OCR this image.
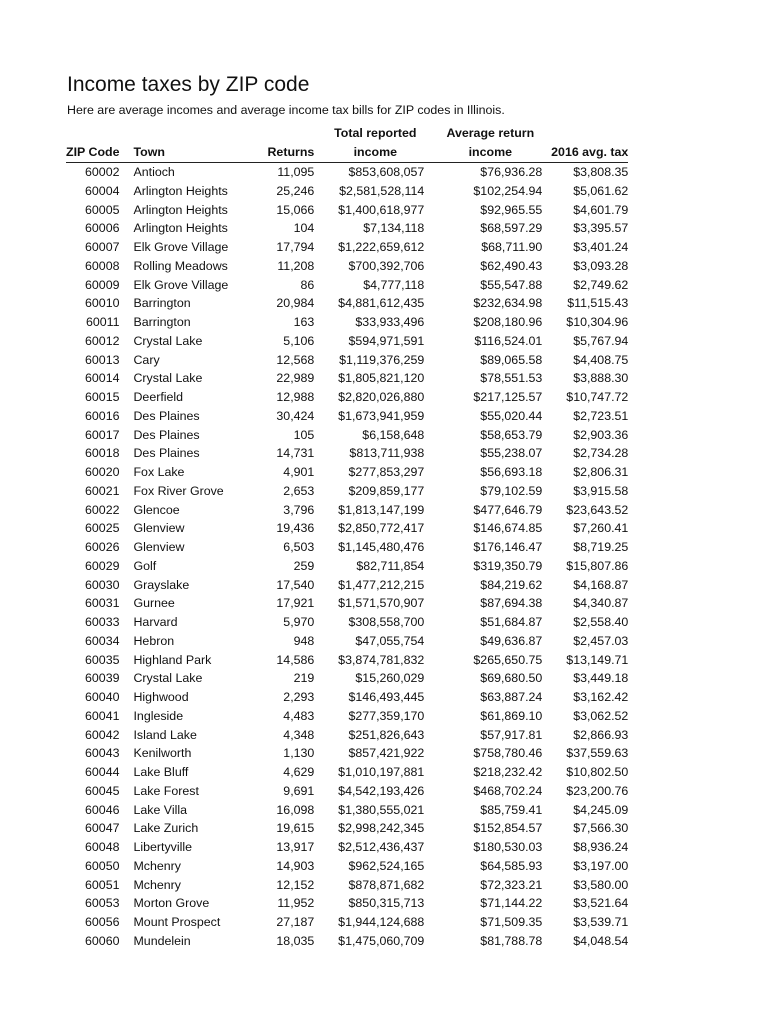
Income taxes by ZIP code

Here are average incomes and average income tax bills for ZIP codes in Illinois.

			Total reported	Average return	
ZIP Code	Town	Returns	income	income	2016 avg. tax
60002	Antioch	11,095	$853,608,057	$76,936.28	$3,808.35
60004	Arlington Heights	25,246	$2,581,528,114	$102,254.94	$5,061.62
60005	Arlington Heights	15,066	$1,400,618,977	$92,965.55	$4,601.79
60006	Arlington Heights	104	$7,134,118	$68,597.29	$3,395.57
60007	Elk Grove Village	17,794	$1,222,659,612	$68,711.90	$3,401.24
60008	Rolling Meadows	11,208	$700,392,706	$62,490.43	$3,093.28
60009	Elk Grove Village	86	$4,777,118	$55,547.88	$2,749.62
60010	Barrington	20,984	$4,881,612,435	$232,634.98	$11,515.43
60011	Barrington	163	$33,933,496	$208,180.96	$10,304.96
60012	Crystal Lake	5,106	$594,971,591	$116,524.01	$5,767.94
60013	Cary	12,568	$1,119,376,259	$89,065.58	$4,408.75
60014	Crystal Lake	22,989	$1,805,821,120	$78,551.53	$3,888.30
60015	Deerfield	12,988	$2,820,026,880	$217,125.57	$10,747.72
60016	Des Plaines	30,424	$1,673,941,959	$55,020.44	$2,723.51
60017	Des Plaines	105	$6,158,648	$58,653.79	$2,903.36
60018	Des Plaines	14,731	$813,711,938	$55,238.07	$2,734.28
60020	Fox Lake	4,901	$277,853,297	$56,693.18	$2,806.31
60021	Fox River Grove	2,653	$209,859,177	$79,102.59	$3,915.58
60022	Glencoe	3,796	$1,813,147,199	$477,646.79	$23,643.52
60025	Glenview	19,436	$2,850,772,417	$146,674.85	$7,260.41
60026	Glenview	6,503	$1,145,480,476	$176,146.47	$8,719.25
60029	Golf	259	$82,711,854	$319,350.79	$15,807.86
60030	Grayslake	17,540	$1,477,212,215	$84,219.62	$4,168.87
60031	Gurnee	17,921	$1,571,570,907	$87,694.38	$4,340.87
60033	Harvard	5,970	$308,558,700	$51,684.87	$2,558.40
60034	Hebron	948	$47,055,754	$49,636.87	$2,457.03
60035	Highland Park	14,586	$3,874,781,832	$265,650.75	$13,149.71
60039	Crystal Lake	219	$15,260,029	$69,680.50	$3,449.18
60040	Highwood	2,293	$146,493,445	$63,887.24	$3,162.42
60041	Ingleside	4,483	$277,359,170	$61,869.10	$3,062.52
60042	Island Lake	4,348	$251,826,643	$57,917.81	$2,866.93
60043	Kenilworth	1,130	$857,421,922	$758,780.46	$37,559.63
60044	Lake Bluff	4,629	$1,010,197,881	$218,232.42	$10,802.50
60045	Lake Forest	9,691	$4,542,193,426	$468,702.24	$23,200.76
60046	Lake Villa	16,098	$1,380,555,021	$85,759.41	$4,245.09
60047	Lake Zurich	19,615	$2,998,242,345	$152,854.57	$7,566.30
60048	Libertyville	13,917	$2,512,436,437	$180,530.03	$8,936.24
60050	Mchenry	14,903	$962,524,165	$64,585.93	$3,197.00
60051	Mchenry	12,152	$878,871,682	$72,323.21	$3,580.00
60053	Morton Grove	11,952	$850,315,713	$71,144.22	$3,521.64
60056	Mount Prospect	27,187	$1,944,124,688	$71,509.35	$3,539.71
60060	Mundelein	18,035	$1,475,060,709	$81,788.78	$4,048.54
